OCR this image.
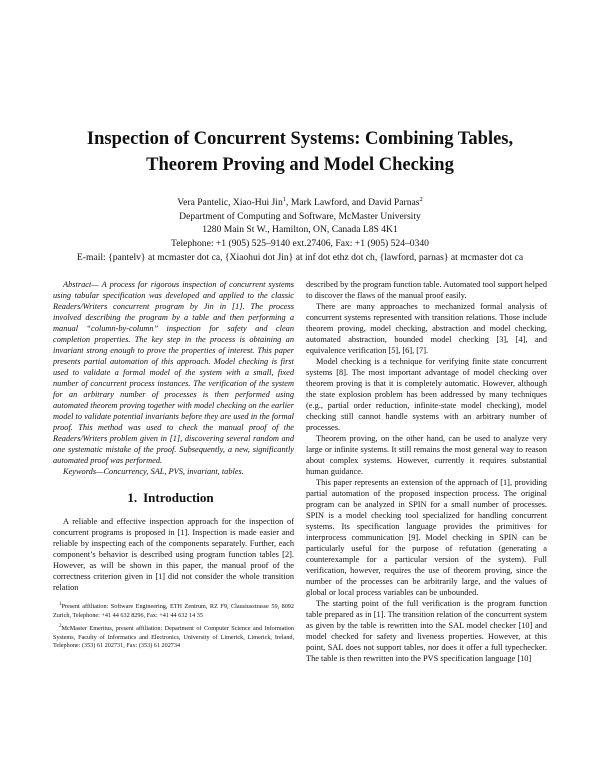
Inspection of Concurrent Systems: Combining Tables,
Theorem Proving and Model Checking
Vera Pantelic, Xiao-Hui Jin$^1$, Mark Lawford, and David Parnas$^2$
Department of Computing and Software, McMaster University
1280 Main St W., Hamilton, ON, Canada L8S 4K1
Telephone: +1 (905) 525–9140 ext.27406, Fax: +1 (905) 524–0340
E-mail: {pantelv} at mcmaster dot ca, {Xiaohui dot Jin} at inf dot ethz dot ch, {lawford, parnas} at mcmaster dot ca

Abstract— A process for rigorous inspection of concurrent systems using tabular specification was developed and applied to the classic Readers/Writers concurrent program by Jin in [1]. The process involved describing the program by a table and then performing a manual “column-by-column” inspection for safety and clean completion properties. The key step in the process is obtaining an invariant strong enough to prove the properties of interest. This paper presents partial automation of this approach. Model checking is first used to validate a formal model of the system with a small, fixed number of concurrent process instances. The verification of the system for an arbitrary number of processes is then performed using automated theorem proving together with model checking on the earlier model to validate potential invariants before they are used in the formal proof. This method was used to check the manual proof of the Readers/Writers problem given in [1], discovering several random and one systematic mistake of the proof. Subsequently, a new, significantly automated proof was performed.

Keywords—Concurrency, SAL, PVS, invariant, tables.

1. Introduction

A reliable and effective inspection approach for the inspection of concurrent programs is proposed in [1]. Inspection is made easier and reliable by inspecting each of the components separately. Further, each component’s behavior is described using program function tables [2]. However, as will be shown in this paper, the manual proof of the correctness criterion given in [1] did not consider the whole transition relation

$^1$Present affiliation: Software Engineering, ETH Zentrum, RZ F9, Clausiusstrasse 59, 8092 Zurich, Telephone: +41 44 632 8296, Fax: +41 44 632 14 35

$^2$McMaster Emeritus, present affiliation: Department of Computer Science and Information Systems, Faculty of Informatics and Electronics, University of Limerick, Limerick, Ireland, Telephone: (353) 61 202731, Fax: (353) 61 202734

described by the program function table. Automated tool support helped to discover the flaws of the manual proof easily.

There are many approaches to mechanized formal analysis of concurrent systems represented with transition relations. Those include theorem proving, model checking, abstraction and model checking, automated abstraction, bounded model checking [3], [4], and equivalence verification [5], [6], [7].

Model checking is a technique for verifying finite state concurrent systems [8]. The most important advantage of model checking over theorem proving is that it is completely automatic. However, although the state explosion problem has been addressed by many techniques (e.g., partial order reduction, infinite-state model checking), model checking still cannot handle systems with an arbitrary number of processes.

Theorem proving, on the other hand, can be used to analyze very large or infinite systems. It still remains the most general way to reason about complex systems. However, currently it requires substantial human guidance.

This paper represents an extension of the approach of [1], providing partial automation of the proposed inspection process. The original program can be analyzed in SPIN for a small number of processes. SPIN is a model checking tool specialized for handling concurrent systems. Its specification language provides the primitives for interprocess communication [9]. Model checking in SPIN can be particularly useful for the purpose of refutation (generating a counterexample for a particular version of the system). Full verification, however, requires the use of theorem proving, since the number of the processes can be arbitrarily large, and the values of global or local process variables can be unbounded.

The starting point of the full verification is the program function table prepared as in [1]. The transition relation of the concurrent system as given by the table is rewritten into the SAL model checker [10] and model checked for safety and liveness properties. However, at this point, SAL does not support tables, nor does it offer a full typechecker. The table is then rewritten into the PVS specification language [10]
